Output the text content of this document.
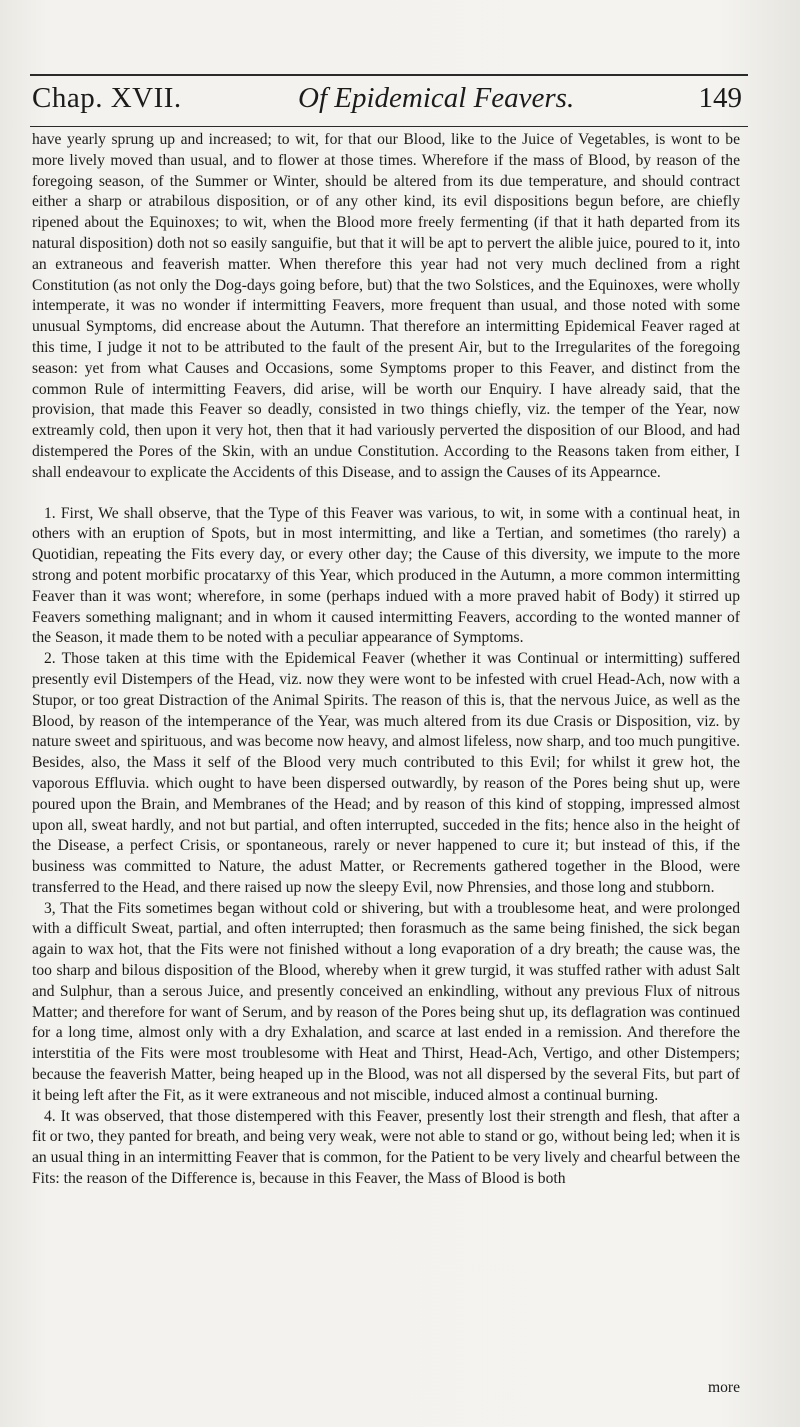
Chap. XVII.	Of Epidemical Feavers.	149

have yearly sprung up and increased; to wit, for that our Blood, like to the Juice of Vegetables, is wont to be more lively moved than usual, and to flower at those times. Wherefore if the mass of Blood, by reason of the foregoing season, of the Summer or Winter, should be altered from its due temperature, and should contract either a sharp or atrabilous disposition, or of any other kind, its evil dispositions begun before, are chiefly ripened about the Equinoxes; to wit, when the Blood more freely fermenting (if that it hath departed from its natural disposition) doth not so easily sanguifie, but that it will be apt to pervert the alible juice, poured to it, into an extraneous and feaverish matter. When therefore this year had not very much declined from a right Constitution (as not only the Dog-days going before, but) that the two Solstices, and the Equinoxes, were wholly intemperate, it was no wonder if intermitting Feavers, more frequent than usual, and those noted with some unusual Symptoms, did encrease about the Autumn. That therefore an intermitting Epidemical Feaver raged at this time, I judge it not to be attributed to the fault of the present Air, but to the Irregularites of the foregoing season: yet from what Causes and Occasions, some Symptoms proper to this Feaver, and distinct from the common Rule of intermitting Feavers, did arise, will be worth our Enquiry. I have already said, that the provision, that made this Feaver so deadly, consisted in two things chiefly, viz. the temper of the Year, now extreamly cold, then upon it very hot, then that it had variously perverted the disposition of our Blood, and had distempered the Pores of the Skin, with an undue Constitution. According to the Reasons taken from either, I shall endeavour to explicate the Accidents of this Disease, and to assign the Causes of its Appearnce.

1. First, We shall observe, that the Type of this Feaver was various, to wit, in some with a continual heat, in others with an eruption of Spots, but in most intermitting, and like a Tertian, and sometimes (tho rarely) a Quotidian, repeating the Fits every day, or every other day; the Cause of this diversity, we impute to the more strong and potent morbific procatarxy of this Year, which produced in the Autumn, a more common intermitting Feaver than it was wont; wherefore, in some (perhaps indued with a more praved habit of Body) it stirred up Feavers something malignant; and in whom it caused intermitting Feavers, according to the wonted manner of the Season, it made them to be noted with a peculiar appearance of Symptoms.

2. Those taken at this time with the Epidemical Feaver (whether it was Continual or intermitting) suffered presently evil Distempers of the Head, viz. now they were wont to be infested with cruel Head-Ach, now with a Stupor, or too great Distraction of the Animal Spirits. The reason of this is, that the nervous Juice, as well as the Blood, by reason of the intemperance of the Year, was much altered from its due Crasis or Disposition, viz. by nature sweet and spirituous, and was become now heavy, and almost lifeless, now sharp, and too much pungitive. Besides, also, the Mass it self of the Blood very much contributed to this Evil; for whilst it grew hot, the vaporous Effluvia. which ought to have been dispersed outwardly, by reason of the Pores being shut up, were poured upon the Brain, and Membranes of the Head; and by reason of this kind of stopping, impressed almost upon all, sweat hardly, and not but partial, and often interrupted, succeded in the fits; hence also in the height of the Disease, a perfect Crisis, or spontaneous, rarely or never happened to cure it; but instead of this, if the business was committed to Nature, the adust Matter, or Recrements gathered together in the Blood, were transferred to the Head, and there raised up now the sleepy Evil, now Phrensies, and those long and stubborn.

3, That the Fits sometimes began without cold or shivering, but with a troublesome heat, and were prolonged with a difficult Sweat, partial, and often interrupted; then forasmuch as the same being finished, the sick began again to wax hot, that the Fits were not finished without a long evaporation of a dry breath; the cause was, the too sharp and bilous disposition of the Blood, whereby when it grew turgid, it was stuffed rather with adust Salt and Sulphur, than a serous Juice, and presently conceived an enkindling, without any previous Flux of nitrous Matter; and therefore for want of Serum, and by reason of the Pores being shut up, its deflagration was continued for a long time, almost only with a dry Exhalation, and scarce at last ended in a remission. And therefore the interstitia of the Fits were most troublesome with Heat and Thirst, Head-Ach, Vertigo, and other Distempers; because the feaverish Matter, being heaped up in the Blood, was not all dispersed by the several Fits, but part of it being left after the Fit, as it were extraneous and not miscible, induced almost a continual burning.

4. It was observed, that those distempered with this Feaver, presently lost their strength and flesh, that after a fit or two, they panted for breath, and being very weak, were not able to stand or go, without being led; when it is an usual thing in an intermitting Feaver that is common, for the Patient to be very lively and chearful between the Fits: the reason of the Difference is, because in this Feaver, the Mass of Blood is both

more
